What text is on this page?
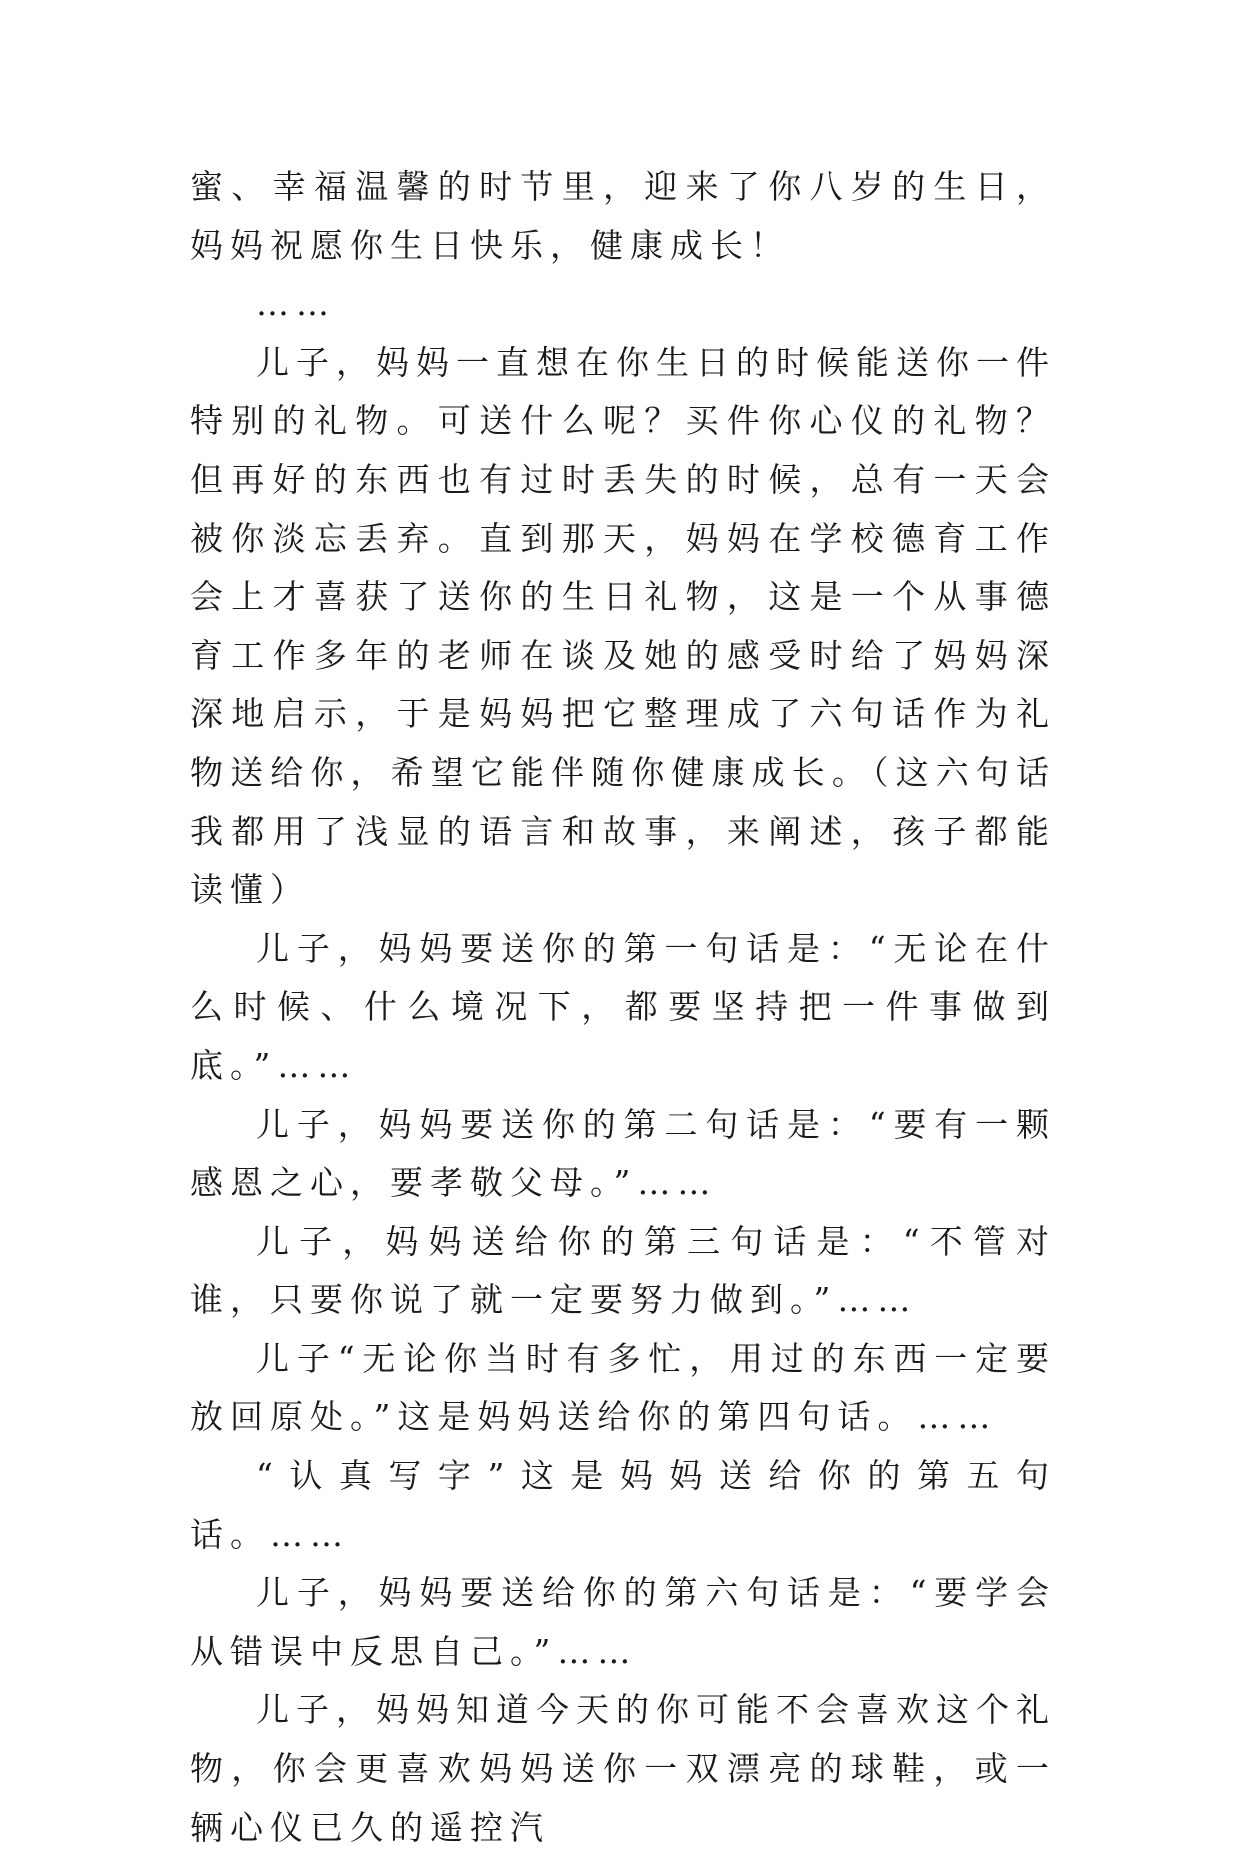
蜜、幸福温馨的时节里，迎来了你八岁的生日，妈妈祝愿你生日快乐，健康成长！

……

儿子，妈妈一直想在你生日的时候能送你一件特别的礼物。可送什么呢？买件你心仪的礼物？但再好的东西也有过时丢失的时候，总有一天会被你淡忘丢弃。直到那天，妈妈在学校德育工作会上才喜获了送你的生日礼物，这是一个从事德育工作多年的老师在谈及她的感受时给了妈妈深深地启示，于是妈妈把它整理成了六句话作为礼物送给你，希望它能伴随你健康成长。（这六句话我都用了浅显的语言和故事，来阐述，孩子都能读懂）

儿子，妈妈要送你的第一句话是：“无论在什么时候、什么境况下，都要坚持把一件事做到底。”……

儿子，妈妈要送你的第二句话是：“要有一颗感恩之心，要孝敬父母。”……

儿子，妈妈送给你的第三句话是：“不管对谁，只要你说了就一定要努力做到。”……

儿子“无论你当时有多忙，用过的东西一定要放回原处。”这是妈妈送给你的第四句话。……

“认真写字”这是妈妈送给你的第五句话。……

儿子，妈妈要送给你的第六句话是：“要学会从错误中反思自己。”……

儿子，妈妈知道今天的你可能不会喜欢这个礼物，你会更喜欢妈妈送你一双漂亮的球鞋，或一辆心仪已久的遥控汽
